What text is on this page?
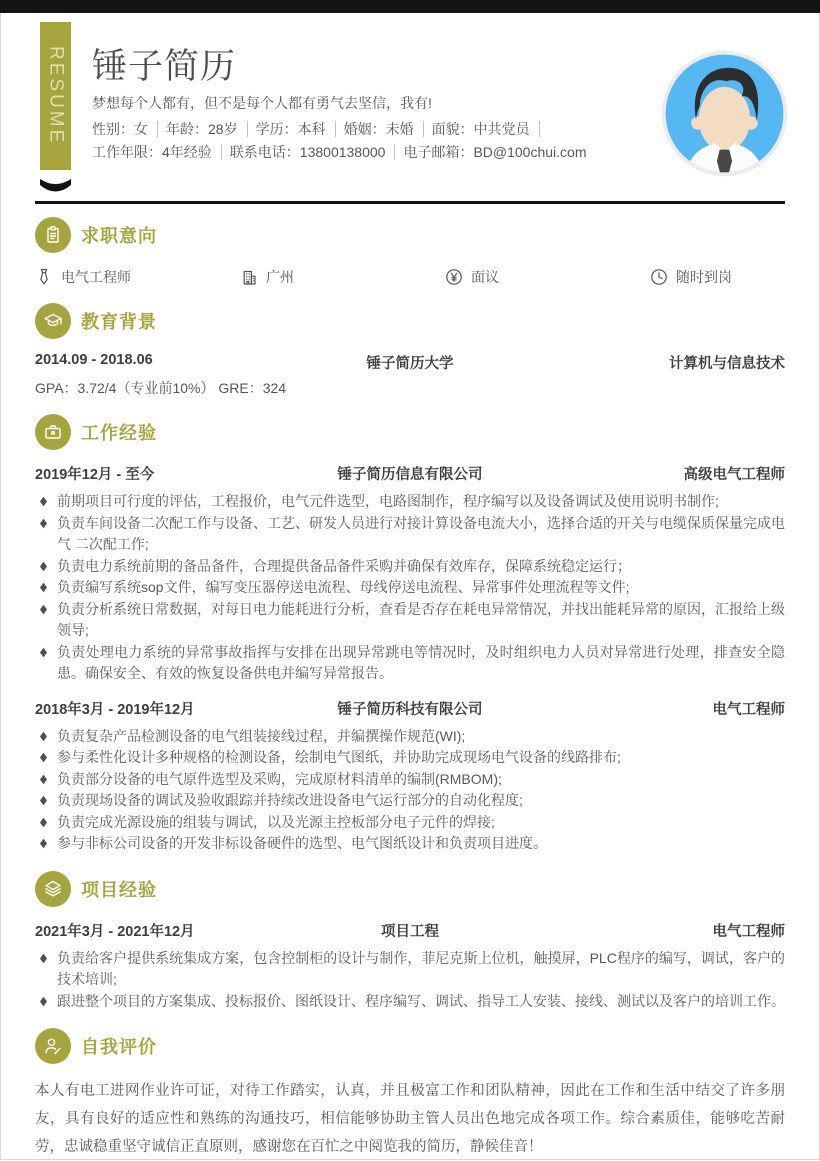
RESUME 锤子简历

梦想每个人都有，但不是每个人都有勇气去坚信，我有!

性别：女 年龄：28岁 学历：本科 婚姻：未婚 面貌：中共党员
工作年限：4年经验 联系电话：13800138000 电子邮箱：BD@100chui.com
求职意向
电气工程师	广州	面议	随时到岗
教育背景
2014.09 - 2018.06	锤子简历大学	计算机与信息技术
GPA：3.72/4（专业前10%） GRE：324
工作经验
2019年12月 - 至今	锤子简历信息有限公司	高级电气工程师
前期项目可行度的评估，工程报价，电气元件选型，电路图制作，程序编写以及设备调试及使用说明书制作;
负责车间设备二次配工作与设备、工艺、研发人员进行对接计算设备电流大小，选择合适的开关与电缆保质保量完成电气 二次配工作;
负责电力系统前期的备品备件，合理提供备品备件采购并确保有效库存，保障系统稳定运行；
负责编写系统sop文件，编写变压器停送电流程、母线停送电流程、异常事件处理流程等文件;
负责分析系统日常数据，对每日电力能耗进行分析，查看是否存在耗电异常情况，并找出能耗异常的原因，汇报给上级领导;
负责处理电力系统的异常事故指挥与安排在出现异常跳电等情况时，及时组织电力人员对异常进行处理，排查安全隐患。确保安全、有效的恢复设备供电并编写异常报告。
2018年3月 - 2019年12月	锤子简历科技有限公司	电气工程师
负责复杂产品检测设备的电气组装接线过程，并编撰操作规范(WI);
参与柔性化设计多种规格的检测设备，绘制电气图纸，并协助完成现场电气设备的线路排布;
负责部分设备的电气原件选型及采购，完成原材料清单的编制(RMBOM);
负责现场设备的调试及验收跟踪并持续改进设备电气运行部分的自动化程度;
负责完成光源设施的组装与调试，以及光源主控板部分电子元件的焊接;
参与非标公司设备的开发非标设备硬件的选型、电气图纸设计和负责项目进度。
项目经验
2021年3月 - 2021年12月	项目工程	电气工程师
负责给客户提供系统集成方案，包含控制柜的设计与制作，菲尼克斯上位机，触摸屏，PLC程序的编写，调试，客户的技术培训;
跟进整个项目的方案集成、投标报价、图纸设计、程序编写、调试、指导工人安装、接线、测试以及客户的培训工作。
自我评价

本人有电工进网作业许可证，对待工作踏实，认真，并且极富工作和团队精神，因此在工作和生活中结交了许多朋友，具有良好的适应性和熟练的沟通技巧，相信能够协助主管人员出色地完成各项工作。综合素质佳，能够吃苦耐劳，忠诚稳重坚守诚信正直原则，感谢您在百忙之中阅览我的简历，静候佳音！
